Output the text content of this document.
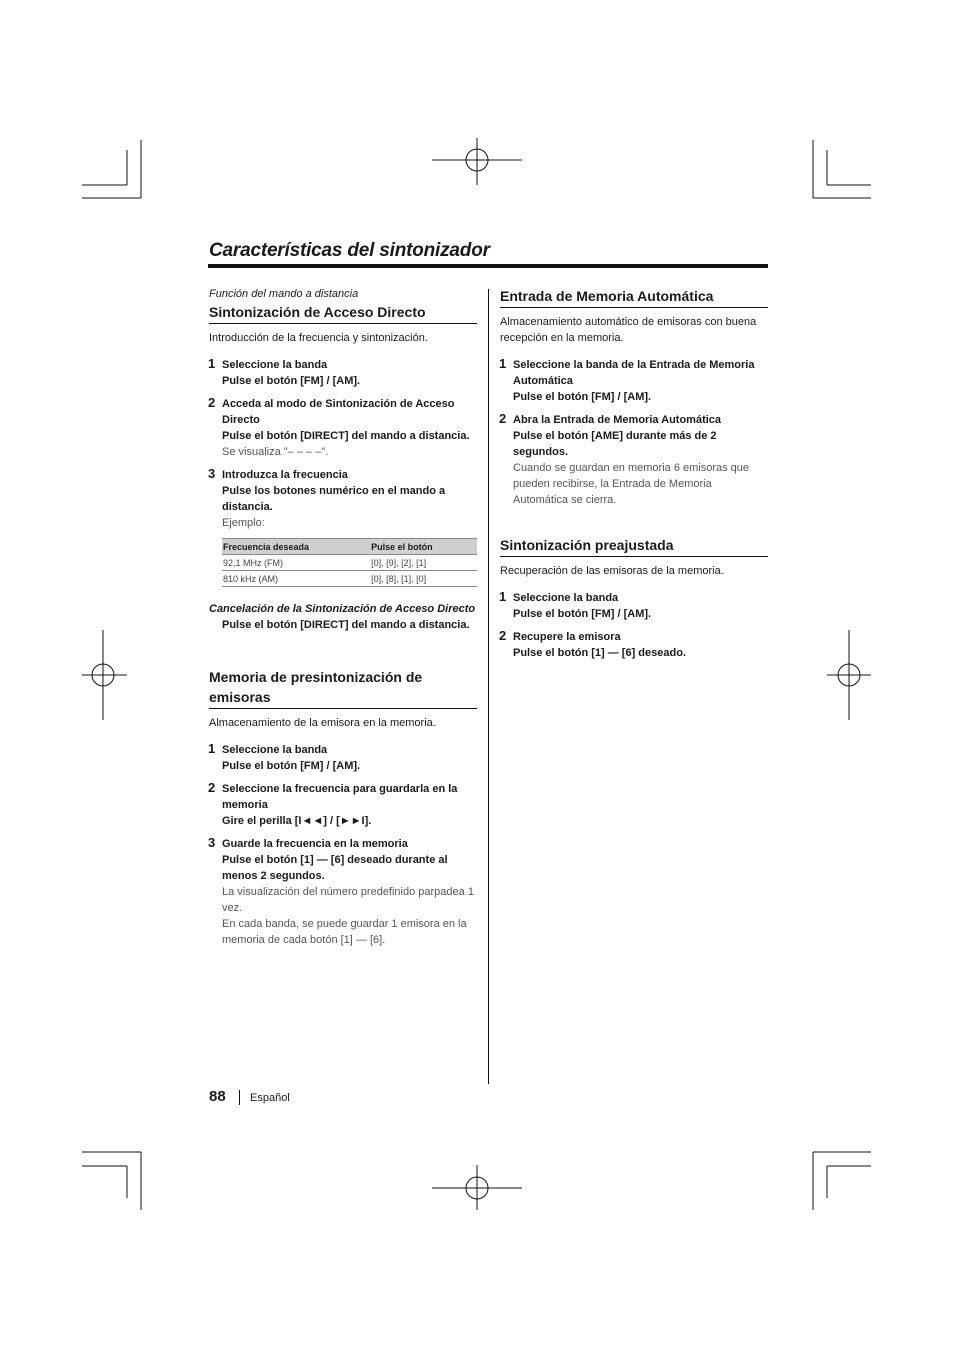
Características del sintonizador

Función del mando a distancia

Sintonización de Acceso Directo
Introducción de la frecuencia y sintonización.
1 Seleccione la banda
Pulse el botón [FM] / [AM].
2 Acceda al modo de Sintonización de Acceso Directo
Pulse el botón [DIRECT] del mando a distancia.
Se visualiza "– – – –".
3 Introduzca la frecuencia
Pulse los botones numérico en el mando a distancia.
Ejemplo:
Frecuencia deseada	Pulse el botón
92,1 MHz (FM)	[0], [9], [2], [1]
810 kHz (AM)	[0], [8], [1], [0]
Cancelación de la Sintonización de Acceso Directo
Pulse el botón [DIRECT] del mando a distancia.
Memoria de presintonización de emisoras
Almacenamiento de la emisora en la memoria.
1 Seleccione la banda
Pulse el botón [FM] / [AM].
2 Seleccione la frecuencia para guardarla en la memoria
Gire el perilla [I◄◄] / [►►I].
3 Guarde la frecuencia en la memoria
Pulse el botón [1] — [6] deseado durante al menos 2 segundos.
La visualización del número predefinido parpadea 1 vez.
En cada banda, se puede guardar 1 emisora en la memoria de cada botón [1] — [6].
Entrada de Memoria Automática
Almacenamiento automático de emisoras con buena recepción en la memoria.
1 Seleccione la banda de la Entrada de Memoria Automática
Pulse el botón [FM] / [AM].
2 Abra la Entrada de Memoria Automática
Pulse el botón [AME] durante más de 2 segundos.
Cuando se guardan en memoria 6 emisoras que pueden recibirse, la Entrada de Memoria Automática se cierra.
Sintonización preajustada
Recuperación de las emisoras de la memoria.
1 Seleccione la banda
Pulse el botón [FM] / [AM].
2 Recupere la emisora
Pulse el botón [1] — [6] deseado.
88 Español
